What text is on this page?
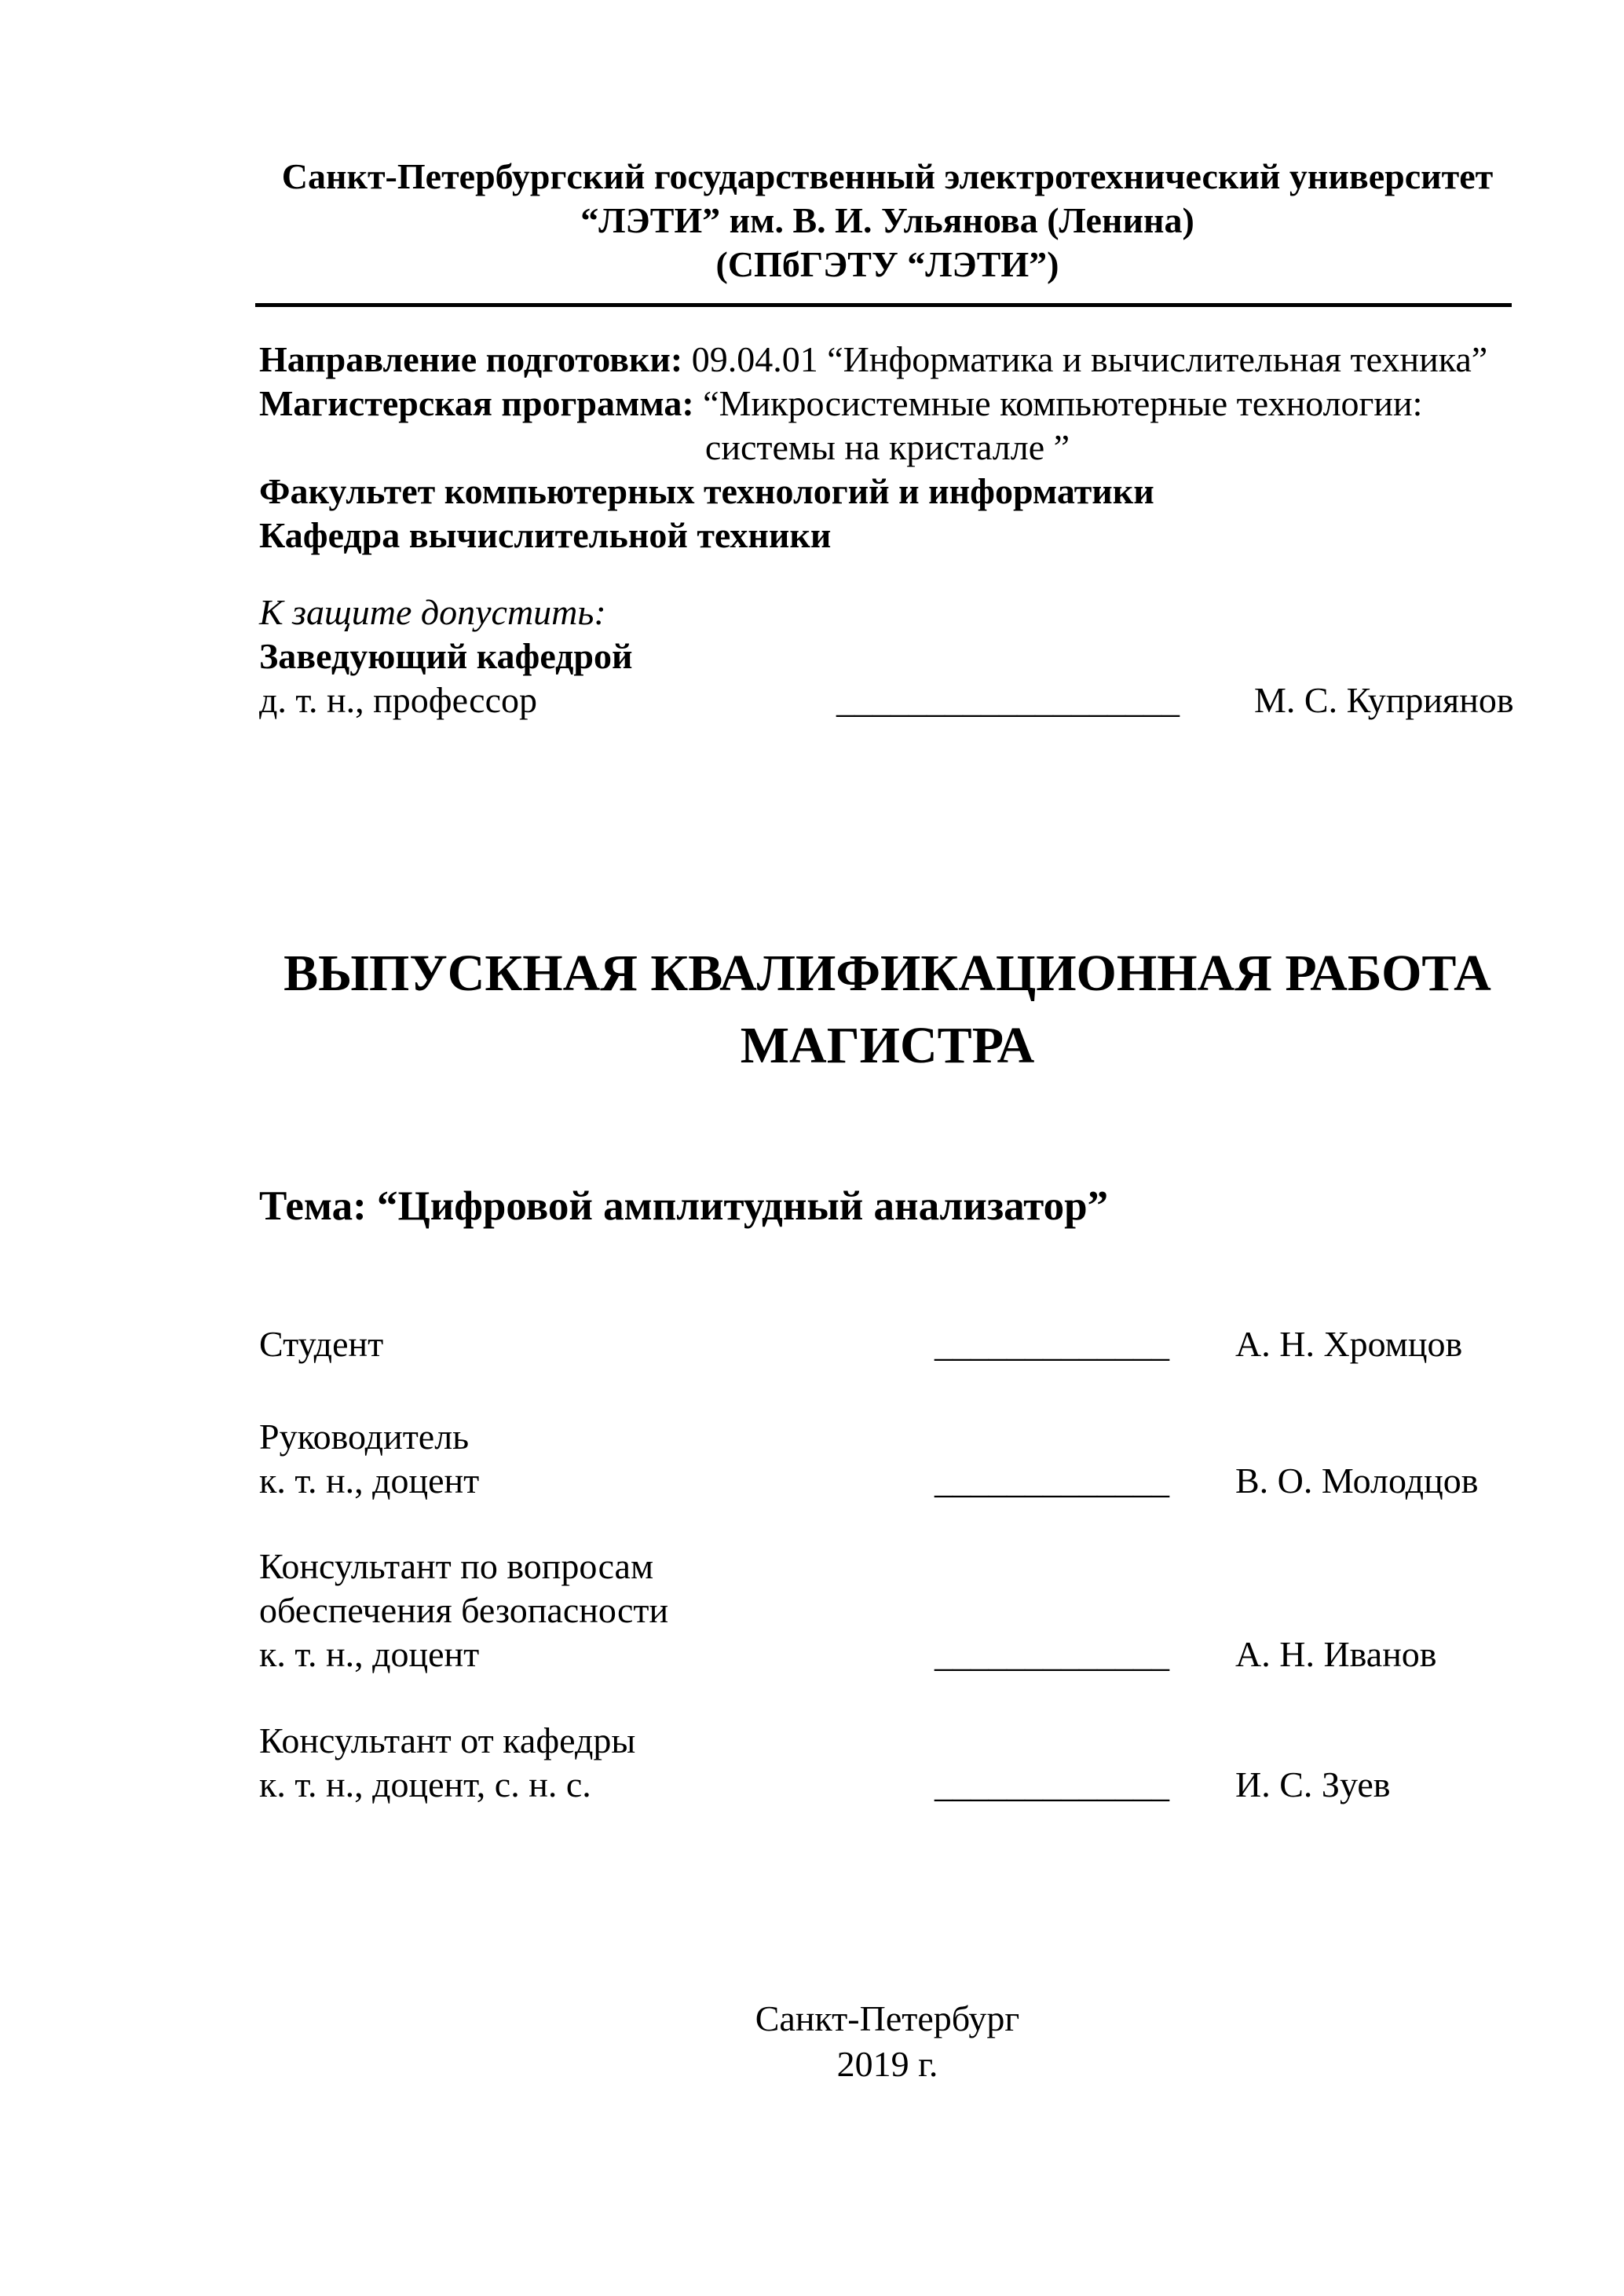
Санкт-Петербургский государственный электротехнический университет
“ЛЭТИ” им. В. И. Ульянова (Ленина)
(СПбГЭТУ “ЛЭТИ”)
Направление подготовки: 09.04.01 “Информатика и вычислительная техника”
Магистерская программа: “Микросистемные компьютерные технологии:
системы на кристалле ”
Факультет компьютерных технологий и информатики
Кафедра вычислительной техники
К защите допустить:
Заведующий кафедрой
д. т. н., профессор	___________________ М. С. Куприянов
ВЫПУСКНАЯ КВАЛИФИКАЦИОННАЯ РАБОТА
МАГИСТРА
Тема: “Цифровой амплитудный анализатор”
Студент	_____________ А. Н. Хромцов
Руководитель
к. т. н., доцент	_____________ В. О. Молодцов
Консультант по вопросам
обеспечения безопасности
к. т. н., доцент	_____________ А. Н. Иванов
Консультант от кафедры
к. т. н., доцент, с. н. с.	_____________ И. С. Зуев
Санкт-Петербург
2019 г.
